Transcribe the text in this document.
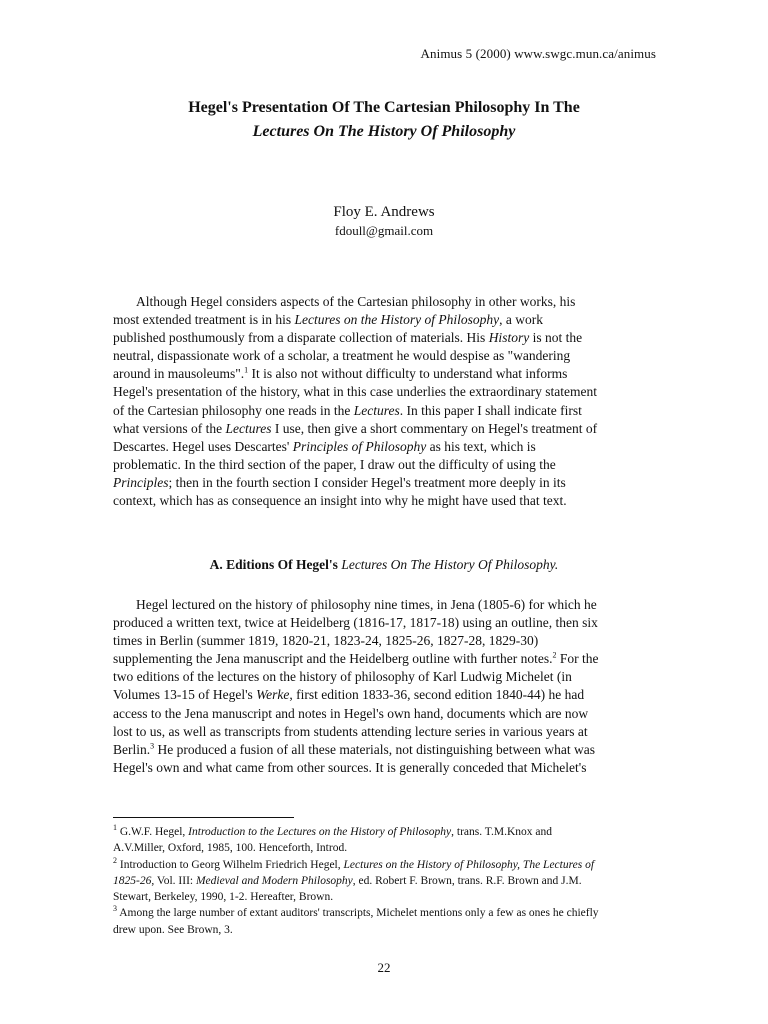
Animus 5 (2000) www.swgc.mun.ca/animus
Hegel's Presentation Of The Cartesian Philosophy In The
Lectures On The History Of Philosophy
Floy E. Andrews
fdoull@gmail.com
Although Hegel considers aspects of the Cartesian philosophy in other works, his
most extended treatment is in his Lectures on the History of Philosophy, a work
published posthumously from a disparate collection of materials. His History is not the
neutral, dispassionate work of a scholar, a treatment he would despise as "wandering
around in mausoleums".$^1$ It is also not without difficulty to understand what informs
Hegel's presentation of the history, what in this case underlies the extraordinary statement
of the Cartesian philosophy one reads in the Lectures. In this paper I shall indicate first
what versions of the Lectures I use, then give a short commentary on Hegel's treatment of
Descartes. Hegel uses Descartes' Principles of Philosophy as his text, which is
problematic. In the third section of the paper, I draw out the difficulty of using the
Principles; then in the fourth section I consider Hegel's treatment more deeply in its
context, which has as consequence an insight into why he might have used that text.
A. Editions Of Hegel's Lectures On The History Of Philosophy.
Hegel lectured on the history of philosophy nine times, in Jena (1805-6) for which he
produced a written text, twice at Heidelberg (1816-17, 1817-18) using an outline, then six
times in Berlin (summer 1819, 1820-21, 1823-24, 1825-26, 1827-28, 1829-30)
supplementing the Jena manuscript and the Heidelberg outline with further notes.$^2$ For the
two editions of the lectures on the history of philosophy of Karl Ludwig Michelet (in
Volumes 13-15 of Hegel's Werke, first edition 1833-36, second edition 1840-44) he had
access to the Jena manuscript and notes in Hegel's own hand, documents which are now
lost to us, as well as transcripts from students attending lecture series in various years at
Berlin.$^3$ He produced a fusion of all these materials, not distinguishing between what was
Hegel's own and what came from other sources. It is generally conceded that Michelet's
$^1$ G.W.F. Hegel, Introduction to the Lectures on the History of Philosophy, trans. T.M.Knox and
A.V.Miller, Oxford, 1985, 100. Henceforth, Introd.
$^2$ Introduction to Georg Wilhelm Friedrich Hegel, Lectures on the History of Philosophy, The Lectures of
1825-26, Vol. III: Medieval and Modern Philosophy, ed. Robert F. Brown, trans. R.F. Brown and J.M.
Stewart, Berkeley, 1990, 1-2. Hereafter, Brown.
$^3$ Among the large number of extant auditors' transcripts, Michelet mentions only a few as ones he chiefly
drew upon. See Brown, 3.
22
